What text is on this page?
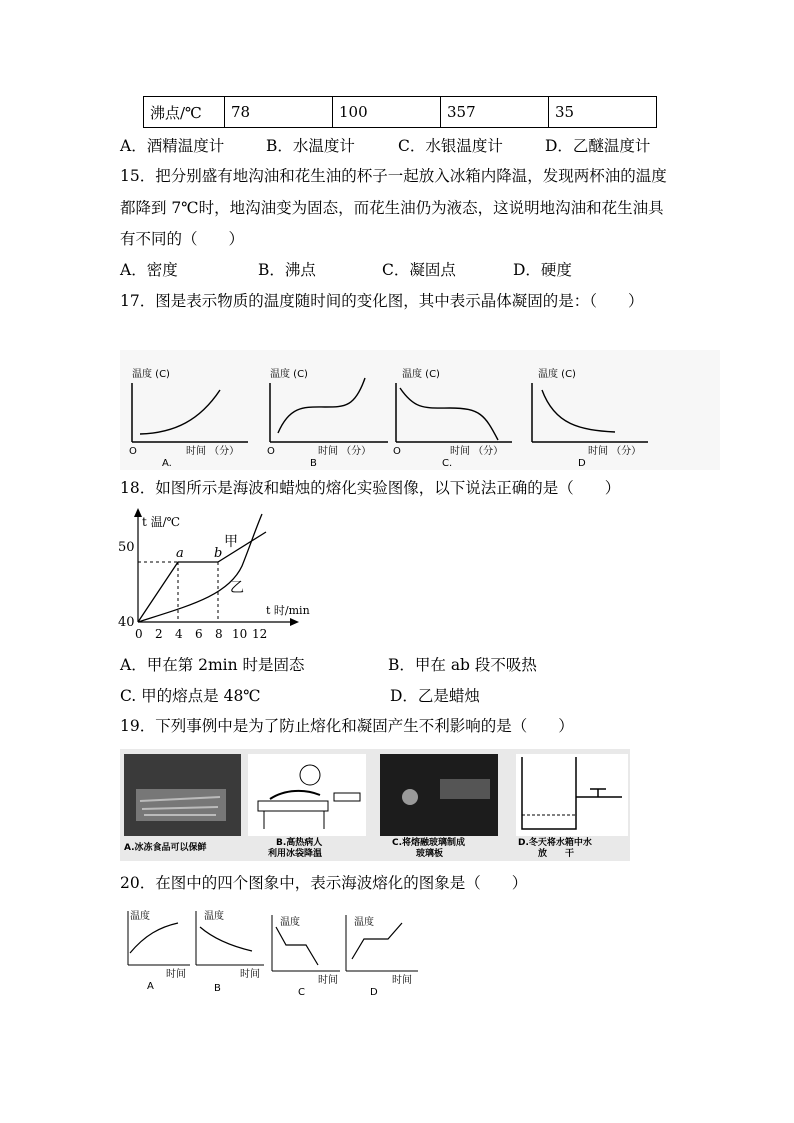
沸点/℃	78	100	357	35
A．酒精温度计	B．水温度计	C．水银温度计	D．乙醚温度计
15．把分别盛有地沟油和花生油的杯子一起放入冰箱内降温，发现两杯油的温度
都降到 7℃时，地沟油变为固态，而花生油仍为液态，这说明地沟油和花生油具
有不同的（　　）
A．密度	B．沸点	C．凝固点	D．硬度
17．图是表示物质的温度随时间的变化图，其中表示晶体凝固的是：（　　）
温度 (C)
O	时间 （分）
A.
温度 (C)
O	时间 （分）
B
温度 (C)
O	时间 （分）
C.
温度 (C)
时间 （分）
D
18．如图所示是海波和蜡烛的熔化实验图像，以下说法正确的是（　　）
t 温/℃
t 时/min
50
40
0 2 4 6 8 10 12
a b
甲
乙
A．甲在第 2min 时是固态	B．甲在 ab 段不吸热
C. 甲的熔点是 48℃	D．乙是蜡烛
19．下列事例中是为了防止熔化和凝固产生不利影响的是（　　）
A.冰冻食品可以保鲜	B.高热病人
利用冰袋降温
C.将熔融玻璃制成
玻璃板
D.冬天将水箱中水
放　　干
20．在图中的四个图象中，表示海波熔化的图象是（　　）
温度
时间
A
温度
时间
B
温度
时间
C
温度
时间
D
